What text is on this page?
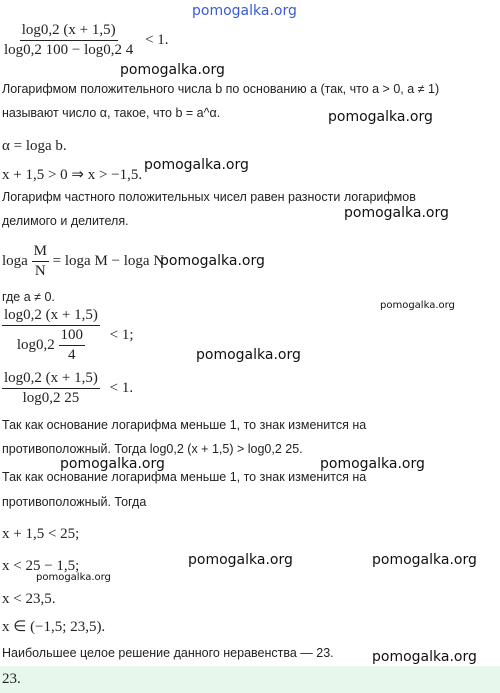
pomogalka.org
$\frac{\log 0,2 (x + 1,5)}{\log 0,2 100 - \log 0,2 4} < 1$.
pomogalka.org
Логарифмом положительного числа b по основанию a (так, что a > 0, a ≠ 1)
называют число α, такое, что b = a^α.	pomogalka.org
α = loga b.
pomogalka.org
x + 1,5 > 0 ⇒ x > −1,5.
Логарифм частного положительных чисел равен разности логарифмов
pomogalka.org
делимого и делителя.
loga $\frac{M}{N} = \log a$ M − loga N
pomogalka.org
где a ≠ 0.
pomogalka.org
$\frac{\log 0,2 (x + 1,5)}{\log 0,2 \frac{100}{4}} < 1$;
pomogalka.org
$\frac{\log 0,2 (x + 1,5)}{\log 0,2 25} < 1$.
Так как основание логарифма меньше 1, то знак изменится на
противоположный. Тогда log0,2 (x + 1,5) > log0,2 25.
pomogalka.org	pomogalka.org
Так как основание логарифма меньше 1, то знак изменится на
противоположный. Тогда
x + 1,5 < 25;
pomogalka.org	pomogalka.org
x < 25 − 1,5;
pomogalka.org
x < 23,5.
x ∈ (−1,5; 23,5).
Наибольшее целое решение данного неравенства — 23.	pomogalka.org
23.
